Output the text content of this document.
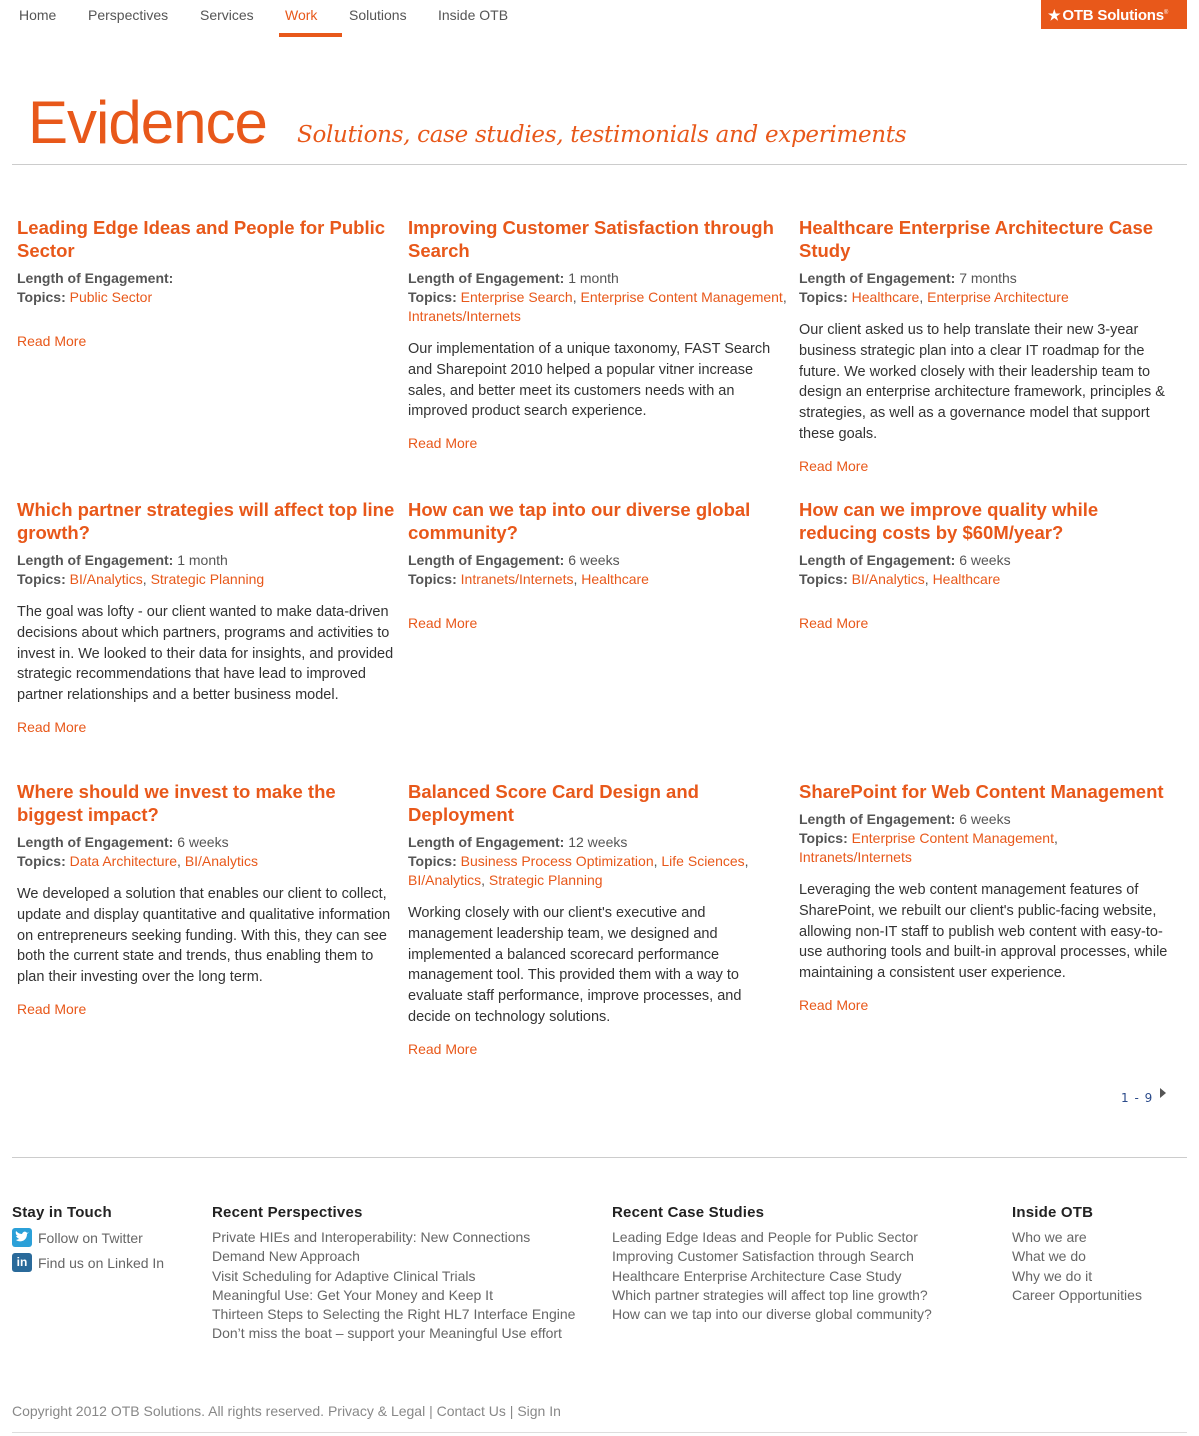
Home Perspectives Services Work Solutions Inside OTB	★ OTB Solutions®
Evidence Solutions, case studies, testimonials and experiments
Leading Edge Ideas and People for Public Sector
Length of Engagement:
Topics: Public Sector
Read More
Improving Customer Satisfaction through Search
Length of Engagement: 1 month
Topics: Enterprise Search, Enterprise Content Management, Intranets/Internets
Our implementation of a unique taxonomy, FAST Search and Sharepoint 2010 helped a popular vitner increase sales, and better meet its customers needs with an improved product search experience.
Read More
Healthcare Enterprise Architecture Case Study
Length of Engagement: 7 months
Topics: Healthcare, Enterprise Architecture
Our client asked us to help translate their new 3-year business strategic plan into a clear IT roadmap for the future. We worked closely with their leadership team to design an enterprise architecture framework, principles & strategies, as well as a governance model that support these goals.
Read More
Which partner strategies will affect top line growth?
Length of Engagement: 1 month
Topics: BI/Analytics, Strategic Planning
The goal was lofty - our client wanted to make data-driven decisions about which partners, programs and activities to invest in. We looked to their data for insights, and provided strategic recommendations that have lead to improved partner relationships and a better business model.
Read More
How can we tap into our diverse global community?
Length of Engagement: 6 weeks
Topics: Intranets/Internets, Healthcare
Read More
How can we improve quality while reducing costs by $60M/year?
Length of Engagement: 6 weeks
Topics: BI/Analytics, Healthcare
Read More
Where should we invest to make the biggest impact?
Length of Engagement: 6 weeks
Topics: Data Architecture, BI/Analytics
We developed a solution that enables our client to collect, update and display quantitative and qualitative information on entrepreneurs seeking funding. With this, they can see both the current state and trends, thus enabling them to plan their investing over the long term.
Read More
Balanced Score Card Design and Deployment
Length of Engagement: 12 weeks
Topics: Business Process Optimization, Life Sciences, BI/Analytics, Strategic Planning
Working closely with our client's executive and management leadership team, we designed and implemented a balanced scorecard performance management tool. This provided them with a way to evaluate staff performance, improve processes, and decide on technology solutions.
Read More
SharePoint for Web Content Management
Length of Engagement: 6 weeks
Topics: Enterprise Content Management, Intranets/Internets
Leveraging the web content management features of SharePoint, we rebuilt our client's public-facing website, allowing non-IT staff to publish web content with easy-to-use authoring tools and built-in approval processes, while maintaining a consistent user experience.
Read More
1 - 9
Stay in Touch
Follow on Twitter
in Find us on Linked In
Recent Perspectives
Private HIEs and Interoperability: New Connections Demand New Approach
Visit Scheduling for Adaptive Clinical Trials
Meaningful Use: Get Your Money and Keep It
Thirteen Steps to Selecting the Right HL7 Interface Engine
Don’t miss the boat – support your Meaningful Use effort
Recent Case Studies
Leading Edge Ideas and People for Public Sector
Improving Customer Satisfaction through Search
Healthcare Enterprise Architecture Case Study
Which partner strategies will affect top line growth?
How can we tap into our diverse global community?
Inside OTB
Who we are
What we do
Why we do it
Career Opportunities
Copyright 2012 OTB Solutions. All rights reserved. Privacy & Legal | Contact Us | Sign In
